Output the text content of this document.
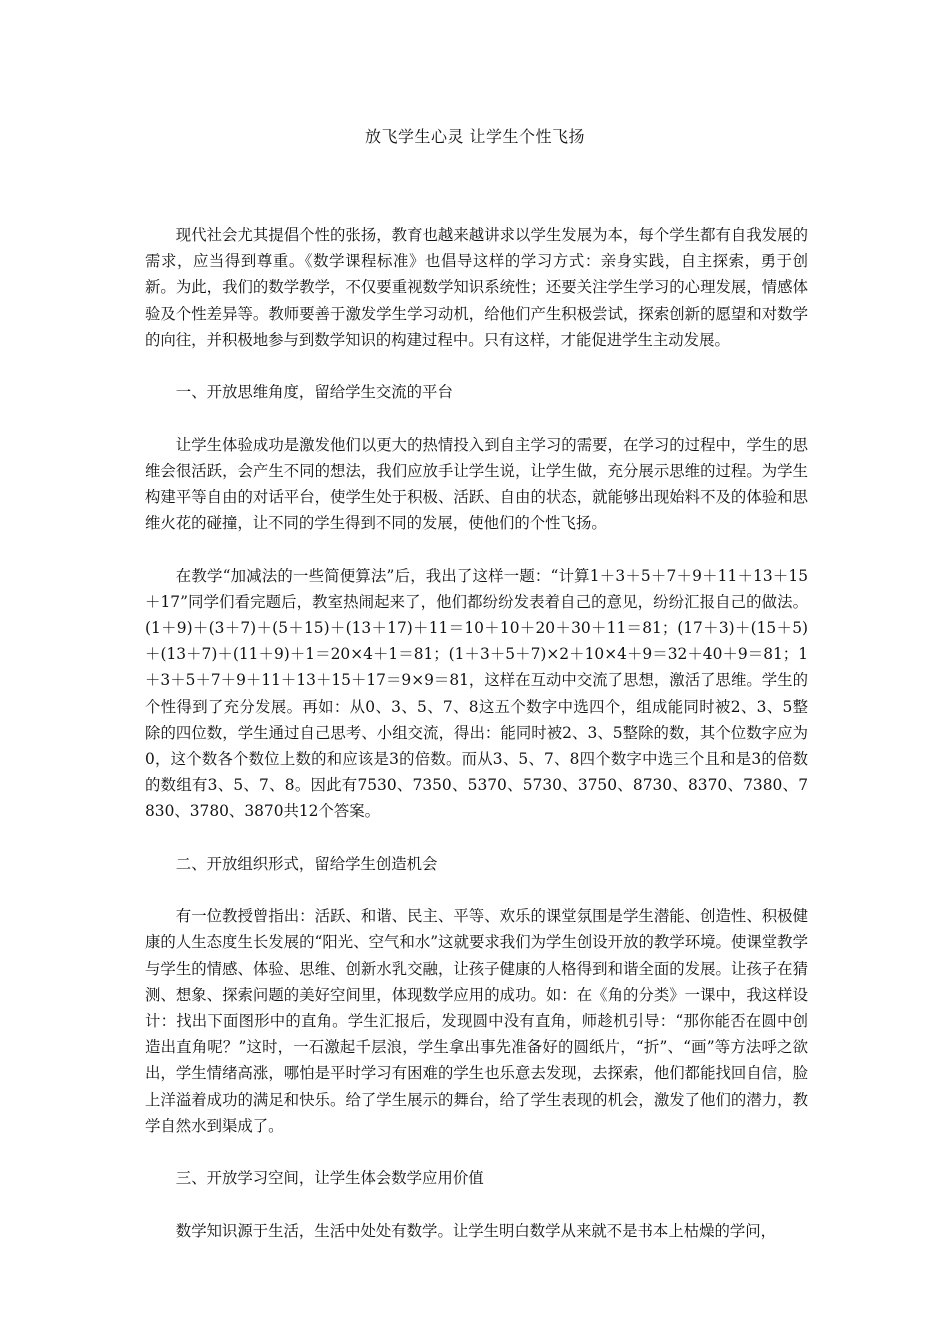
放飞学生心灵 让学生个性飞扬

现代社会尤其提倡个性的张扬，教育也越来越讲求以学生发展为本，每个学生都有自我发展的需求，应当得到尊重。《数学课程标准》也倡导这样的学习方式：亲身实践，自主探索，勇于创新。为此，我们的数学教学，不仅要重视数学知识系统性；还要关注学生学习的心理发展，情感体验及个性差异等。教师要善于激发学生学习动机，给他们产生积极尝试，探索创新的愿望和对数学的向往，并积极地参与到数学知识的构建过程中。只有这样，才能促进学生主动发展。

一、开放思维角度，留给学生交流的平台

让学生体验成功是激发他们以更大的热情投入到自主学习的需要，在学习的过程中，学生的思维会很活跃，会产生不同的想法，我们应放手让学生说，让学生做，充分展示思维的过程。为学生构建平等自由的对话平台，使学生处于积极、活跃、自由的状态，就能够出现始料不及的体验和思维火花的碰撞，让不同的学生得到不同的发展，使他们的个性飞扬。

在教学“加减法的一些简便算法”后，我出了这样一题：“计算1＋3＋5＋7＋9＋11＋13＋15＋17”同学们看完题后，教室热闹起来了，他们都纷纷发表着自己的意见，纷纷汇报自己的做法。(1＋9)＋(3＋7)＋(5＋15)＋(13＋17)＋11＝10＋10＋20＋30＋11＝81；(17＋3)＋(15＋5)＋(13＋7)＋(11＋9)＋1＝20×4＋1＝81；(1＋3＋5＋7)×2＋10×4＋9＝32＋40＋9＝81；1＋3＋5＋7＋9＋11＋13＋15＋17＝9×9＝81，这样在互动中交流了思想，激活了思维。学生的个性得到了充分发展。再如：从0、3、5、7、8这五个数字中选四个，组成能同时被2、3、5整除的四位数，学生通过自己思考、小组交流，得出：能同时被2、3、5整除的数，其个位数字应为0，这个数各个数位上数的和应该是3的倍数。而从3、5、7、8四个数字中选三个且和是3的倍数的数组有3、5、7、8。因此有7530、7350、5370、5730、3750、8730、8370、7380、7830、3780、3870共12个答案。

二、开放组织形式，留给学生创造机会

有一位教授曾指出：活跃、和谐、民主、平等、欢乐的课堂氛围是学生潜能、创造性、积极健康的人生态度生长发展的“阳光、空气和水”这就要求我们为学生创设开放的教学环境。使课堂教学与学生的情感、体验、思维、创新水乳交融，让孩子健康的人格得到和谐全面的发展。让孩子在猜测、想象、探索问题的美好空间里，体现数学应用的成功。如：在《角的分类》一课中，我这样设计：找出下面图形中的直角。学生汇报后，发现圆中没有直角，师趁机引导：“那你能否在圆中创造出直角呢？”这时，一石激起千层浪，学生拿出事先准备好的圆纸片，“折”、“画”等方法呼之欲出，学生情绪高涨，哪怕是平时学习有困难的学生也乐意去发现，去探索，他们都能找回自信，脸上洋溢着成功的满足和快乐。给了学生展示的舞台，给了学生表现的机会，激发了他们的潜力，教学自然水到渠成了。

三、开放学习空间，让学生体会数学应用价值

数学知识源于生活，生活中处处有数学。让学生明白数学从来就不是书本上枯燥的学问，
